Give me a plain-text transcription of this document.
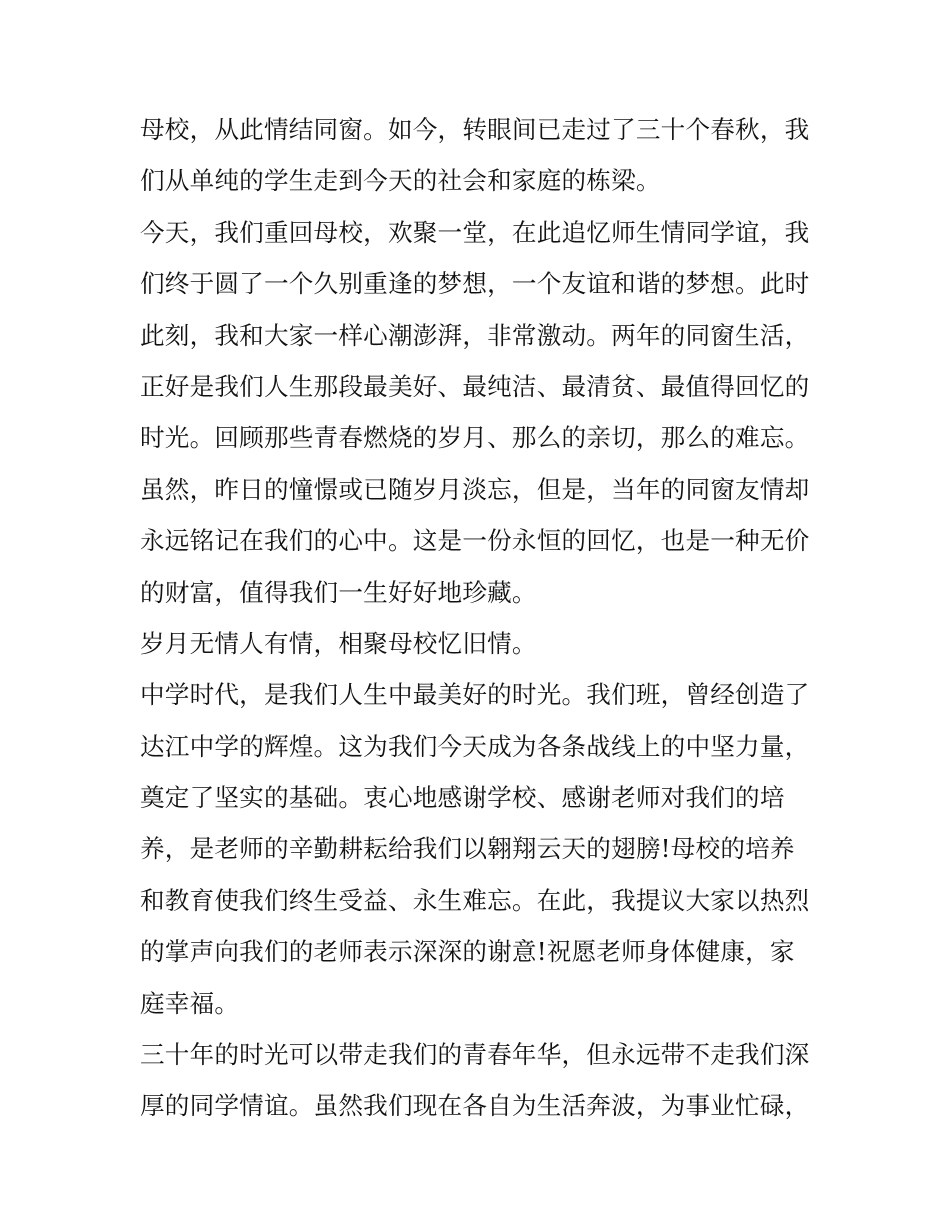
母校，从此情结同窗。如今，转眼间已走过了三十个春秋，我
们从单纯的学生走到今天的社会和家庭的栋梁。
今天，我们重回母校，欢聚一堂，在此追忆师生情同学谊，我
们终于圆了一个久别重逢的梦想，一个友谊和谐的梦想。此时
此刻，我和大家一样心潮澎湃，非常激动。两年的同窗生活，
正好是我们人生那段最美好、最纯洁、最清贫、最值得回忆的
时光。回顾那些青春燃烧的岁月、那么的亲切，那么的难忘。
虽然，昨日的憧憬或已随岁月淡忘，但是，当年的同窗友情却
永远铭记在我们的心中。这是一份永恒的回忆，也是一种无价
的财富，值得我们一生好好地珍藏。
岁月无情人有情，相聚母校忆旧情。
中学时代，是我们人生中最美好的时光。我们班，曾经创造了
达江中学的辉煌。这为我们今天成为各条战线上的中坚力量，
奠定了坚实的基础。衷心地感谢学校、感谢老师对我们的培
养，是老师的辛勤耕耘给我们以翱翔云天的翅膀!母校的培养
和教育使我们终生受益、永生难忘。在此，我提议大家以热烈
的掌声向我们的老师表示深深的谢意!祝愿老师身体健康，家
庭幸福。
三十年的时光可以带走我们的青春年华，但永远带不走我们深
厚的同学情谊。虽然我们现在各自为生活奔波，为事业忙碌，
